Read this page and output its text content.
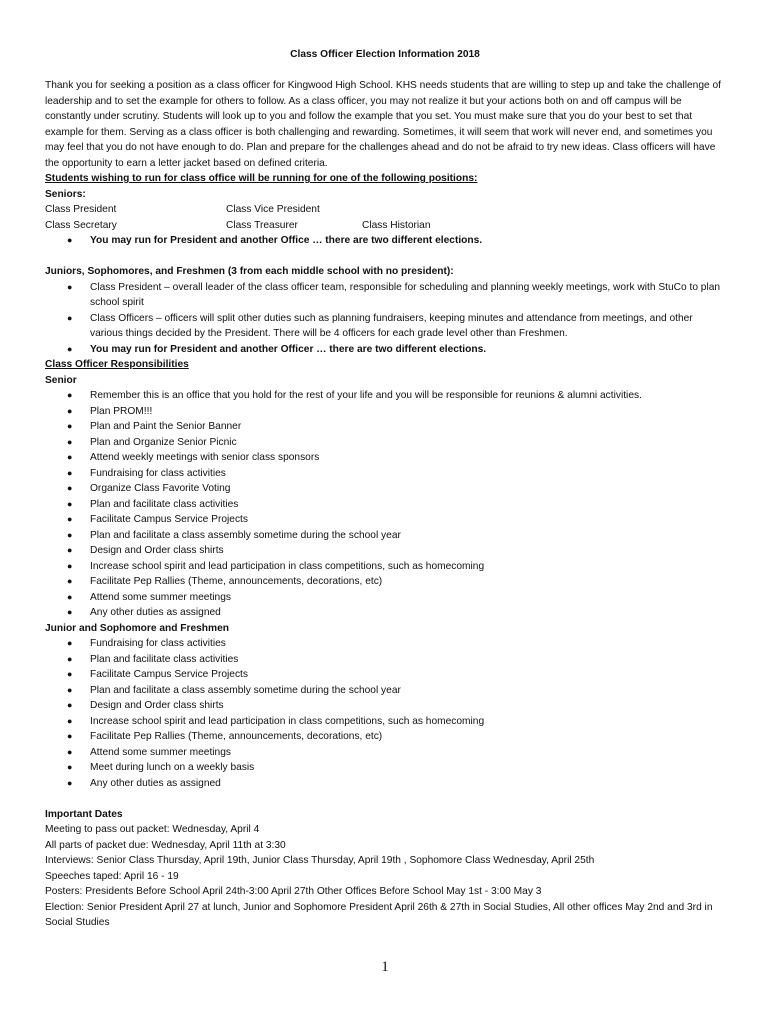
Class Officer Election Information 2018
Thank you for seeking a position as a class officer for Kingwood High School. KHS needs students that are willing to step up and take the challenge of leadership and to set the example for others to follow. As a class officer, you may not realize it but your actions both on and off campus will be constantly under scrutiny. Students will look up to you and follow the example that you set. You must make sure that you do your best to set that example for them. Serving as a class officer is both challenging and rewarding. Sometimes, it will seem that work will never end, and sometimes you may feel that you do not have enough to do. Plan and prepare for the challenges ahead and do not be afraid to try new ideas. Class officers will have the opportunity to earn a letter jacket based on defined criteria.
Students wishing to run for class office will be running for one of the following positions:
Seniors:
Class President	Class Vice President
Class Secretary	Class Treasurer	Class Historian
● You may run for President and another Office … there are two different elections.
Juniors, Sophomores, and Freshmen (3 from each middle school with no president):
● Class President – overall leader of the class officer team, responsible for scheduling and planning weekly meetings, work with StuCo to plan school spirit
● Class Officers – officers will split other duties such as planning fundraisers, keeping minutes and attendance from meetings, and other various things decided by the President. There will be 4 officers for each grade level other than Freshmen.
● You may run for President and another Officer … there are two different elections.
Class Officer Responsibilities
Senior
● Remember this is an office that you hold for the rest of your life and you will be responsible for reunions & alumni activities.
● Plan PROM!!!
● Plan and Paint the Senior Banner
● Plan and Organize Senior Picnic
● Attend weekly meetings with senior class sponsors
● Fundraising for class activities
● Organize Class Favorite Voting
● Plan and facilitate class activities
● Facilitate Campus Service Projects
● Plan and facilitate a class assembly sometime during the school year
● Design and Order class shirts
● Increase school spirit and lead participation in class competitions, such as homecoming
● Facilitate Pep Rallies (Theme, announcements, decorations, etc)
● Attend some summer meetings
● Any other duties as assigned
Junior and Sophomore and Freshmen
● Fundraising for class activities
● Plan and facilitate class activities
● Facilitate Campus Service Projects
● Plan and facilitate a class assembly sometime during the school year
● Design and Order class shirts
● Increase school spirit and lead participation in class competitions, such as homecoming
● Facilitate Pep Rallies (Theme, announcements, decorations, etc)
● Attend some summer meetings
● Meet during lunch on a weekly basis
● Any other duties as assigned
Important Dates
Meeting to pass out packet: Wednesday, April 4
All parts of packet due: Wednesday, April 11th at 3:30
Interviews: Senior Class Thursday, April 19th, Junior Class Thursday, April 19th , Sophomore Class Wednesday, April 25th
Speeches taped: April 16 - 19
Posters: Presidents Before School April 24th-3:00 April 27th Other Offices Before School May 1st - 3:00 May 3
Election: Senior President April 27 at lunch, Junior and Sophomore President April 26th & 27th in Social Studies, All other offices May 2nd and 3rd in Social Studies
1
